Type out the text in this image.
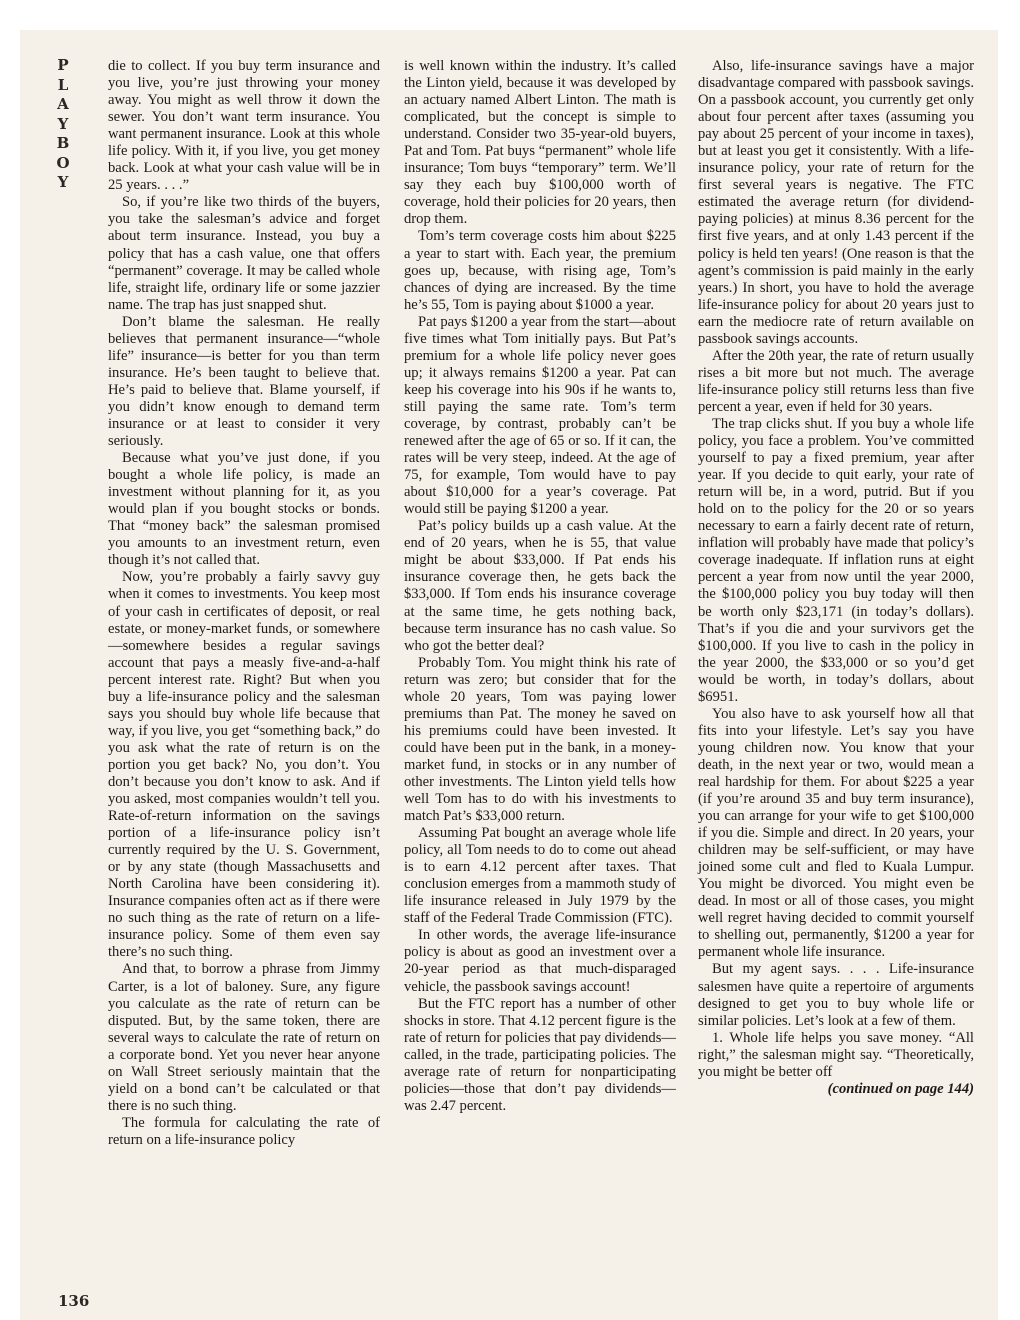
P
L
A
Y
B
O
Y

die to collect. If you buy term insurance and you live, you’re just throwing your money away. You might as well throw it down the sewer. You don’t want term insurance. You want permanent insurance. Look at this whole life policy. With it, if you live, you get money back. Look at what your cash value will be in 25 years. . . .”

So, if you’re like two thirds of the buyers, you take the salesman’s advice and forget about term insurance. Instead, you buy a policy that has a cash value, one that offers “permanent” coverage. It may be called whole life, straight life, ordinary life or some jazzier name. The trap has just snapped shut.

Don’t blame the salesman. He really believes that permanent insurance—“whole life” insurance—is better for you than term insurance. He’s been taught to believe that. He’s paid to believe that. Blame yourself, if you didn’t know enough to demand term insurance or at least to consider it very seriously.

Because what you’ve just done, if you bought a whole life policy, is made an investment without planning for it, as you would plan if you bought stocks or bonds. That “money back” the salesman promised you amounts to an investment return, even though it’s not called that.

Now, you’re probably a fairly savvy guy when it comes to investments. You keep most of your cash in certificates of deposit, or real estate, or money-market funds, or somewhere—somewhere besides a regular savings account that pays a measly five-and-a-half percent interest rate. Right? But when you buy a life-insurance policy and the salesman says you should buy whole life because that way, if you live, you get “something back,” do you ask what the rate of return is on the portion you get back? No, you don’t. You don’t because you don’t know to ask. And if you asked, most companies wouldn’t tell you. Rate-of-return information on the savings portion of a life-insurance policy isn’t currently required by the U. S. Government, or by any state (though Massachusetts and North Carolina have been considering it). Insurance companies often act as if there were no such thing as the rate of return on a life-insurance policy. Some of them even say there’s no such thing.

And that, to borrow a phrase from Jimmy Carter, is a lot of baloney. Sure, any figure you calculate as the rate of return can be disputed. But, by the same token, there are several ways to calculate the rate of return on a corporate bond. Yet you never hear anyone on Wall Street seriously maintain that the yield on a bond can’t be calculated or that there is no such thing.

The formula for calculating the rate of return on a life-insurance policy

is well known within the industry. It’s called the Linton yield, because it was developed by an actuary named Albert Linton. The math is complicated, but the concept is simple to understand. Consider two 35-year-old buyers, Pat and Tom. Pat buys “permanent” whole life insurance; Tom buys “temporary” term. We’ll say they each buy $100,000 worth of coverage, hold their policies for 20 years, then drop them.

Tom’s term coverage costs him about $225 a year to start with. Each year, the premium goes up, because, with rising age, Tom’s chances of dying are increased. By the time he’s 55, Tom is paying about $1000 a year.

Pat pays $1200 a year from the start—about five times what Tom initially pays. But Pat’s premium for a whole life policy never goes up; it always remains $1200 a year. Pat can keep his coverage into his 90s if he wants to, still paying the same rate. Tom’s term coverage, by contrast, probably can’t be renewed after the age of 65 or so. If it can, the rates will be very steep, indeed. At the age of 75, for example, Tom would have to pay about $10,000 for a year’s coverage. Pat would still be paying $1200 a year.

Pat’s policy builds up a cash value. At the end of 20 years, when he is 55, that value might be about $33,000. If Pat ends his insurance coverage then, he gets back the $33,000. If Tom ends his insurance coverage at the same time, he gets nothing back, because term insurance has no cash value. So who got the better deal?

Probably Tom. You might think his rate of return was zero; but consider that for the whole 20 years, Tom was paying lower premiums than Pat. The money he saved on his premiums could have been invested. It could have been put in the bank, in a money-market fund, in stocks or in any number of other investments. The Linton yield tells how well Tom has to do with his investments to match Pat’s $33,000 return.

Assuming Pat bought an average whole life policy, all Tom needs to do to come out ahead is to earn 4.12 percent after taxes. That conclusion emerges from a mammoth study of life insurance released in July 1979 by the staff of the Federal Trade Commission (FTC).

In other words, the average life-insurance policy is about as good an investment over a 20-year period as that much-disparaged vehicle, the passbook savings account!

But the FTC report has a number of other shocks in store. That 4.12 percent figure is the rate of return for policies that pay dividends—called, in the trade, participating policies. The average rate of return for nonparticipating policies—those that don’t pay dividends—was 2.47 percent.

Also, life-insurance savings have a major disadvantage compared with passbook savings. On a passbook account, you currently get only about four percent after taxes (assuming you pay about 25 percent of your income in taxes), but at least you get it consistently. With a life-insurance policy, your rate of return for the first several years is negative. The FTC estimated the average return (for dividend-paying policies) at minus 8.36 percent for the first five years, and at only 1.43 percent if the policy is held ten years! (One reason is that the agent’s commission is paid mainly in the early years.) In short, you have to hold the average life-insurance policy for about 20 years just to earn the mediocre rate of return available on passbook savings accounts.

After the 20th year, the rate of return usually rises a bit more but not much. The average life-insurance policy still returns less than five percent a year, even if held for 30 years.

The trap clicks shut. If you buy a whole life policy, you face a problem. You’ve committed yourself to pay a fixed premium, year after year. If you decide to quit early, your rate of return will be, in a word, putrid. But if you hold on to the policy for the 20 or so years necessary to earn a fairly decent rate of return, inflation will probably have made that policy’s coverage inadequate. If inflation runs at eight percent a year from now until the year 2000, the $100,000 policy you buy today will then be worth only $23,171 (in today’s dollars). That’s if you die and your survivors get the $100,000. If you live to cash in the policy in the year 2000, the $33,000 or so you’d get would be worth, in today’s dollars, about $6951.

You also have to ask yourself how all that fits into your lifestyle. Let’s say you have young children now. You know that your death, in the next year or two, would mean a real hardship for them. For about $225 a year (if you’re around 35 and buy term insurance), you can arrange for your wife to get $100,000 if you die. Simple and direct. In 20 years, your children may be self-sufficient, or may have joined some cult and fled to Kuala Lumpur. You might be divorced. You might even be dead. In most or all of those cases, you might well regret having decided to commit yourself to shelling out, permanently, $1200 a year for permanent whole life insurance.

But my agent says. . . . Life-insurance salesmen have quite a repertoire of arguments designed to get you to buy whole life or similar policies. Let’s look at a few of them.

1. Whole life helps you save money. “All right,” the salesman might say. “Theoretically, you might be better off

(continued on page 144)

136
